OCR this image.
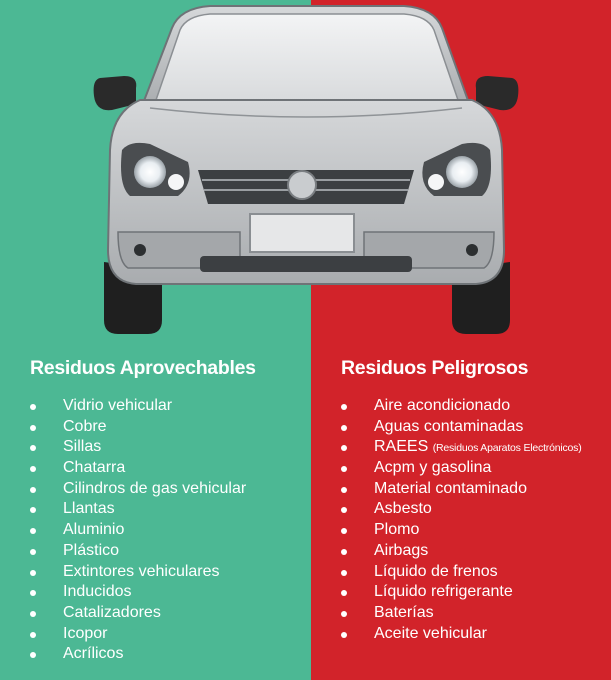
Residuos Aprovechables
Vidrio vehicular
Cobre
Sillas
Chatarra
Cilindros de gas vehicular
Llantas
Aluminio
Plástico
Extintores vehiculares
Inducidos
Catalizadores
Icopor
Acrílicos
Residuos Peligrosos
Aire acondicionado
Aguas contaminadas
RAEES (Residuos Aparatos Electrónicos)
Acpm y gasolina
Material contaminado
Asbesto
Plomo
Airbags
Líquido de frenos
Líquido refrigerante
Baterías
Aceite vehicular
